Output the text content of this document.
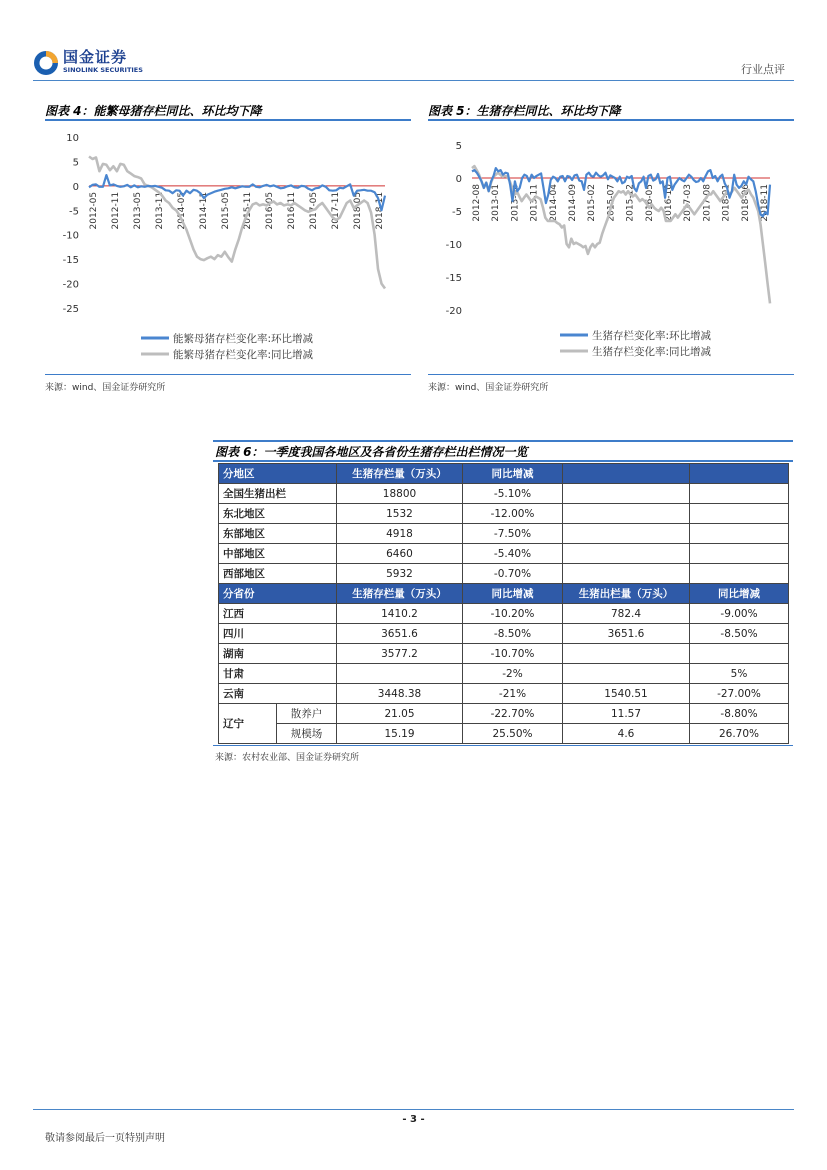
国金证券
SINOLINK SECURITIES	行业点评
图表 4：能繁母猪存栏同比、环比均下降
10
5
0
-5
-10
-15
-20
-25
2012-05 2012-11 2013-05 2013-11 2014-05 2014-11 2015-05 2015-11 2016-05 2016-11 2017-05 2017-11 2018-05 2018-11
能繁母猪存栏变化率:环比增减
能繁母猪存栏变化率:同比增减
来源：wind、国金证券研究所
图表 5：生猪存栏同比、环比均下降
5
0
-5
-10
-15
-20
2012-08 2013-01 2013-06 2013-11 2014-04 2014-09 2015-02 2015-07 2015-12 2016-05 2016-10 2017-03 2017-08 2018-01 2018-06 2018-11
生猪存栏变化率:环比增减
生猪存栏变化率:同比增减
来源：wind、国金证券研究所
图表 6：一季度我国各地区及各省份生猪存栏出栏情况一览
分地区		生猪存栏量（万头）	同比增减		
全国生猪出栏		18800	-5.10%		
东北地区		1532	-12.00%		
东部地区		4918	-7.50%		
中部地区		6460	-5.40%		
西部地区		5932	-0.70%		
分省份		生猪存栏量（万头）	同比增减	生猪出栏量（万头）	同比增减
江西		1410.2	-10.20%	782.4	-9.00%
四川		3651.6	-8.50%	3651.6	-8.50%
湖南		3577.2	-10.70%		
甘肃			-2%		5%
云南		3448.38	-21%	1540.51	-27.00%
辽宁	散养户	21.05	-22.70%	11.57	-8.80%
	规模场	15.19	25.50%	4.6	26.70%
来源：农村农业部、国金证券研究所
- 3 -
敬请参阅最后一页特别声明
